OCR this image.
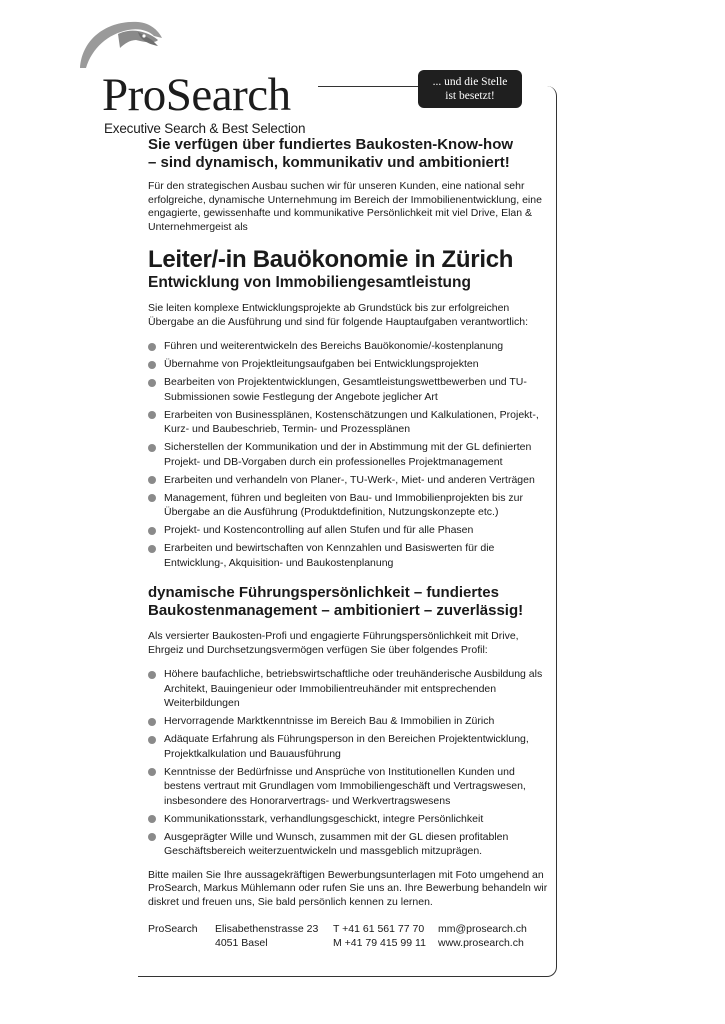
ProSearch
Executive Search & Best Selection
... und die Stelle
ist besetzt!
Sie verfügen über fundiertes Baukosten-Know-how
– sind dynamisch, kommunikativ und ambitioniert!

Für den strategischen Ausbau suchen wir für unseren Kunden, eine national sehr erfolgreiche, dynamische Unternehmung im Bereich der Immobilienentwicklung, eine engagierte, gewissenhafte und kommunikative Persönlichkeit mit viel Drive, Elan & Unternehmergeist als

Leiter/-in Bauökonomie in Zürich
Entwicklung von Immobiliengesamtleistung

Sie leiten komplexe Entwicklungsprojekte ab Grundstück bis zur erfolgreichen Übergabe an die Ausführung und sind für folgende Hauptaufgaben verantwortlich:

Führen und weiterentwickeln des Bereichs Bauökonomie/-kostenplanung
Übernahme von Projektleitungsaufgaben bei Entwicklungsprojekten
Bearbeiten von Projektentwicklungen, Gesamtleistungswettbewerben und TU-Submissionen sowie Festlegung der Angebote jeglicher Art
Erarbeiten von Businessplänen, Kostenschätzungen und Kalkulationen, Projekt-, Kurz- und Baubeschrieb, Termin- und Prozessplänen
Sicherstellen der Kommunikation und der in Abstimmung mit der GL definierten Projekt- und DB-Vorgaben durch ein professionelles Projektmanagement
Erarbeiten und verhandeln von Planer-, TU-Werk-, Miet- und anderen Verträgen
Management, führen und begleiten von Bau- und Immobilienprojekten bis zur Übergabe an die Ausführung (Produktdefinition, Nutzungskonzepte etc.)
Projekt- und Kostencontrolling auf allen Stufen und für alle Phasen
Erarbeiten und bewirtschaften von Kennzahlen und Basiswerten für die Entwicklung-, Akquisition- und Baukostenplanung
dynamische Führungspersönlichkeit – fundiertes
Baukostenmanagement – ambitioniert – zuverlässig!

Als versierter Baukosten-Profi und engagierte Führungspersönlichkeit mit Drive, Ehrgeiz und Durchsetzungsvermögen verfügen Sie über folgendes Profil:

Höhere baufachliche, betriebswirtschaftliche oder treuhänderische Ausbildung als Architekt, Bauingenieur oder Immobilientreuhänder mit entsprechenden Weiterbildungen
Hervorragende Marktkenntnisse im Bereich Bau & Immobilien in Zürich
Adäquate Erfahrung als Führungsperson in den Bereichen Projektentwicklung, Projektkalkulation und Bauausführung
Kenntnisse der Bedürfnisse und Ansprüche von Institutionellen Kunden und bestens vertraut mit Grundlagen vom Immobiliengeschäft und Vertragswesen, insbesondere des Honorarvertrags- und Werkvertragswesens
Kommunikationsstark, verhandlungsgeschickt, integre Persönlichkeit
Ausgeprägter Wille und Wunsch, zusammen mit der GL diesen profitablen Geschäftsbereich weiterzuentwickeln und massgeblich mitzuprägen.

Bitte mailen Sie Ihre aussagekräftigen Bewerbungsunterlagen mit Foto umgehend an ProSearch, Markus Mühlemann oder rufen Sie uns an. Ihre Bewerbung behandeln wir diskret und freuen uns, Sie bald persönlich kennen zu lernen.

ProSearch	Elisabethenstrasse 23
4051 Basel
T +41 61 561 77 70
M +41 79 415 99 11
mm@prosearch.ch
www.prosearch.ch
